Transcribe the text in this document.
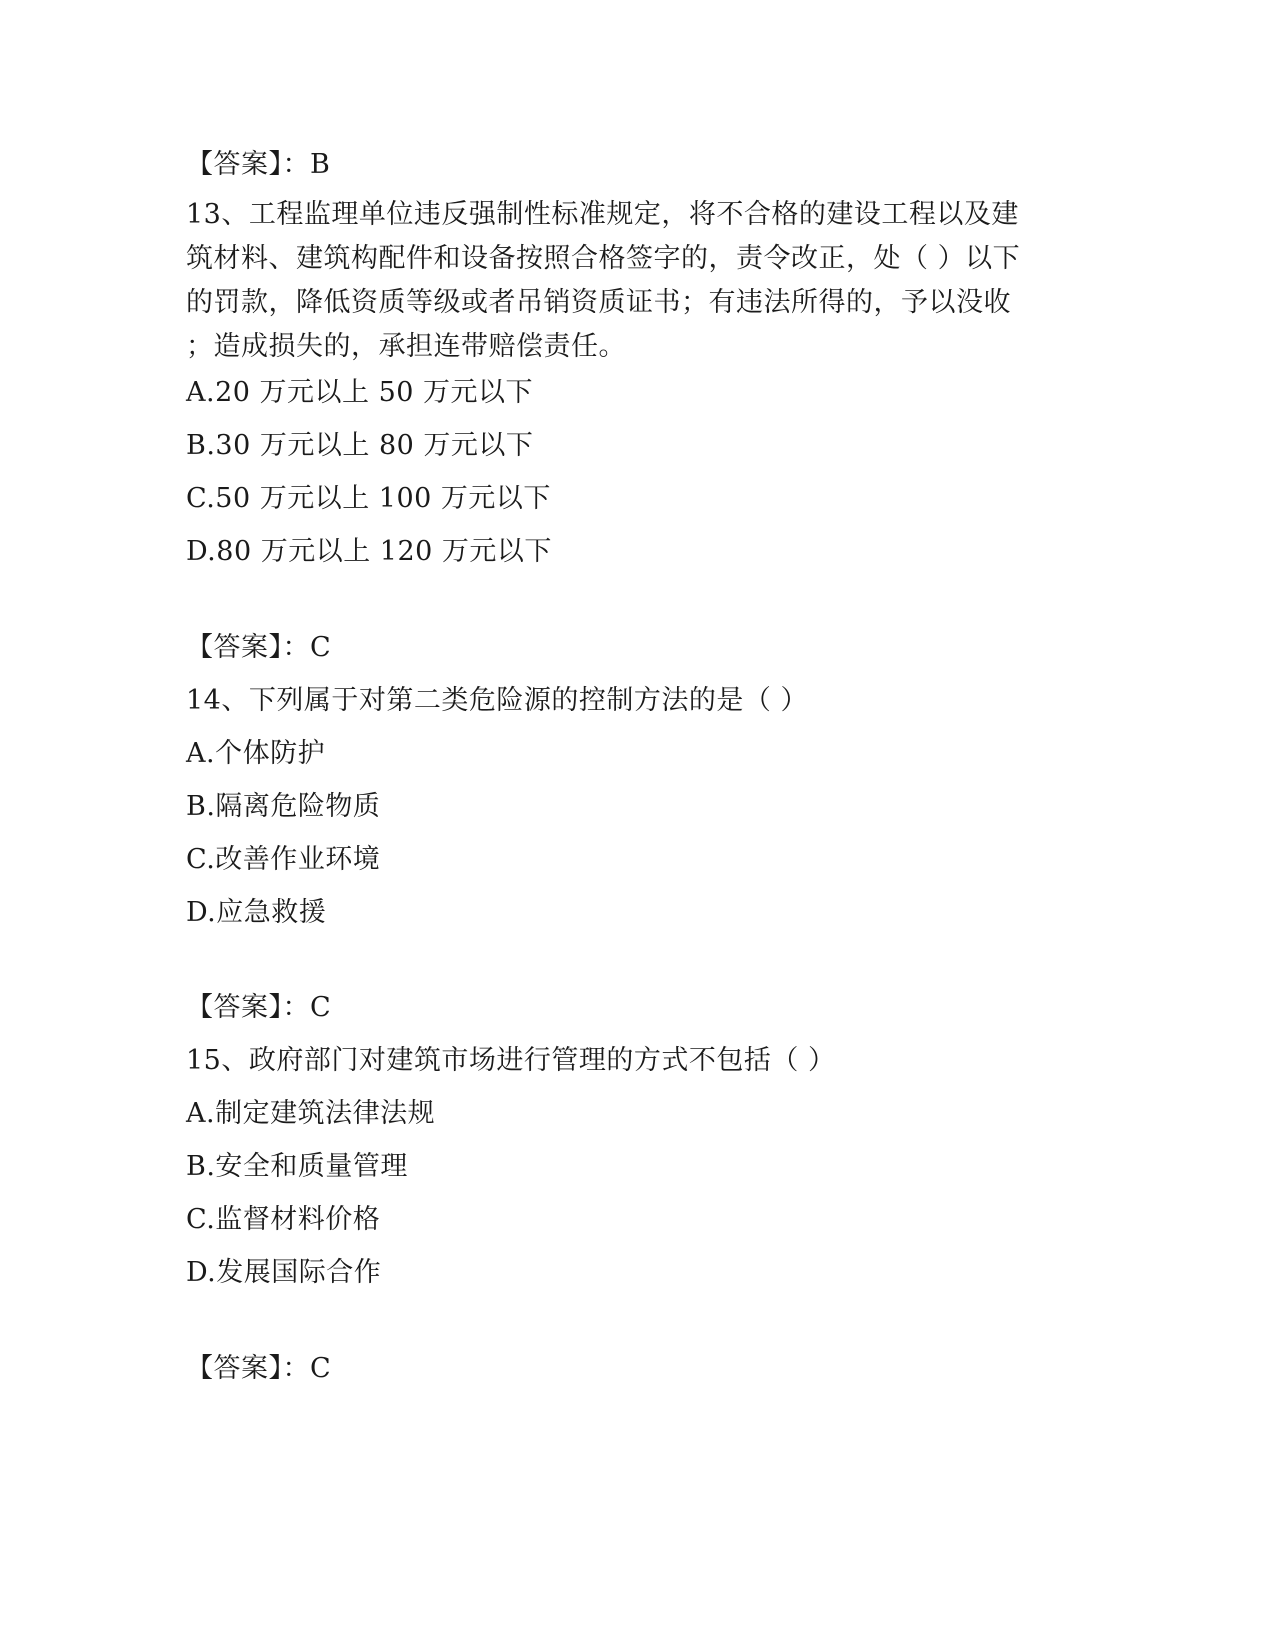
【答案】：B
13、工程监理单位违反强制性标准规定，将不合格的建设工程以及建
筑材料、建筑构配件和设备按照合格签字的，责令改正，处（ ）以下
的罚款，降低资质等级或者吊销资质证书；有违法所得的，予以没收
；造成损失的，承担连带赔偿责任。
A.20 万元以上 50 万元以下
B.30 万元以上 80 万元以下
C.50 万元以上 100 万元以下
D.80 万元以上 120 万元以下
【答案】：C
14、下列属于对第二类危险源的控制方法的是（ ）
A.个体防护
B.隔离危险物质
C.改善作业环境
D.应急救援
【答案】：C
15、政府部门对建筑市场进行管理的方式不包括（ ）
A.制定建筑法律法规
B.安全和质量管理
C.监督材料价格
D.发展国际合作
【答案】：C
